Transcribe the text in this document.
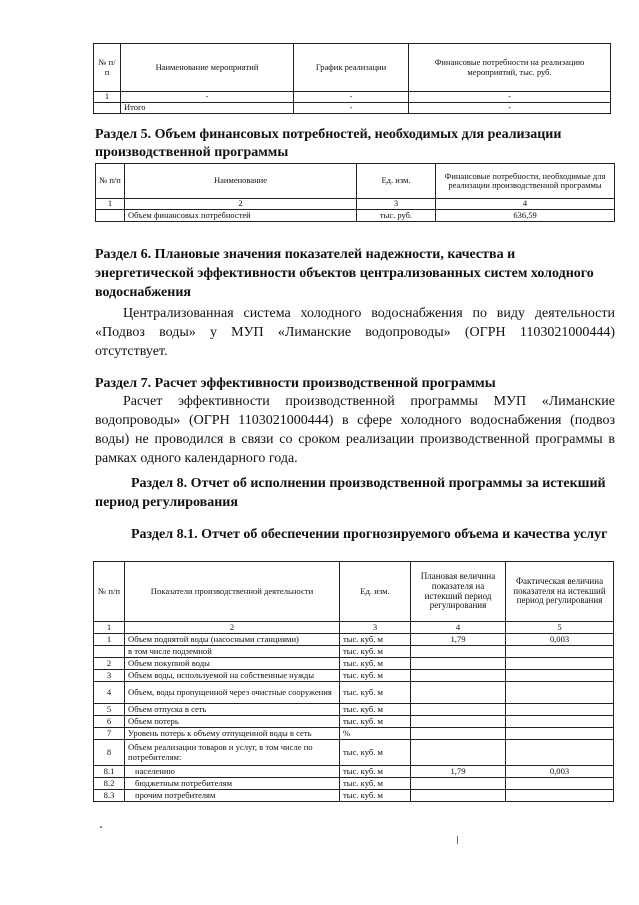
№ п/п	Наименование мероприятий	График реализации	Финансовые потребности на реализацию мероприятий, тыс. руб.
1	-	-	-
	Итого	-	-

Раздел 5. Объем финансовых потребностей, необходимых для реализации производственной программы

№ п/п	Наименование	Ед. изм.	Финансовые потребности, необходимые для реализации производственной программы
1	2	3	4
	Объем финансовых потребностей	тыс. руб.	636,59

Раздел 6. Плановые значения показателей надежности, качества и энергетической эффективности объектов централизованных систем холодного водоснабжения

Централизованная система холодного водоснабжения по виду деятельности «Подвоз воды» у МУП «Лиманские водопроводы» (ОГРН 1103021000444) отсутствует.

Раздел 7. Расчет эффективности производственной программы

Расчет эффективности производственной программы МУП «Лиманские водопроводы» (ОГРН 1103021000444) в сфере холодного водоснабжения (подвоз воды) не проводился в связи со сроком реализации производственной программы в рамках одного календарного года.

Раздел 8. Отчет об исполнении производственной программы за истекший период регулирования

Раздел 8.1. Отчет об обеспечении прогнозируемого объема и качества услуг

№ п/п	Показатели производственной деятельности	Ед. изм.	Плановая величина показателя на истекший период регулирования	Фактическая величина показателя на истекший период регулирования
1	2	3	4	5
1	Объем поднятой воды (насосными станциями)	тыс. куб. м	1,79	0,003
	в том числе подземной	тыс. куб. м		
2	Объем покупной воды	тыс. куб. м		
3	Объем воды, используемой на собственные нужды	тыс. куб. м		
4	Объем, воды пропущенной через очистные сооружения	тыс. куб. м		
5	Объем отпуска в сеть	тыс. куб. м		
6	Объем потерь	тыс. куб. м		
7	Уровень потерь к объему отпущенной воды в сеть	%		
8	Объем реализации товаров и услуг, в том числе по потребителям:	тыс. куб. м		
8.1	населению	тыс. куб. м	1,79	0,003
8.2	бюджетным потребителям	тыс. куб. м		
8.3	прочим потребителям	тыс. куб. м		
